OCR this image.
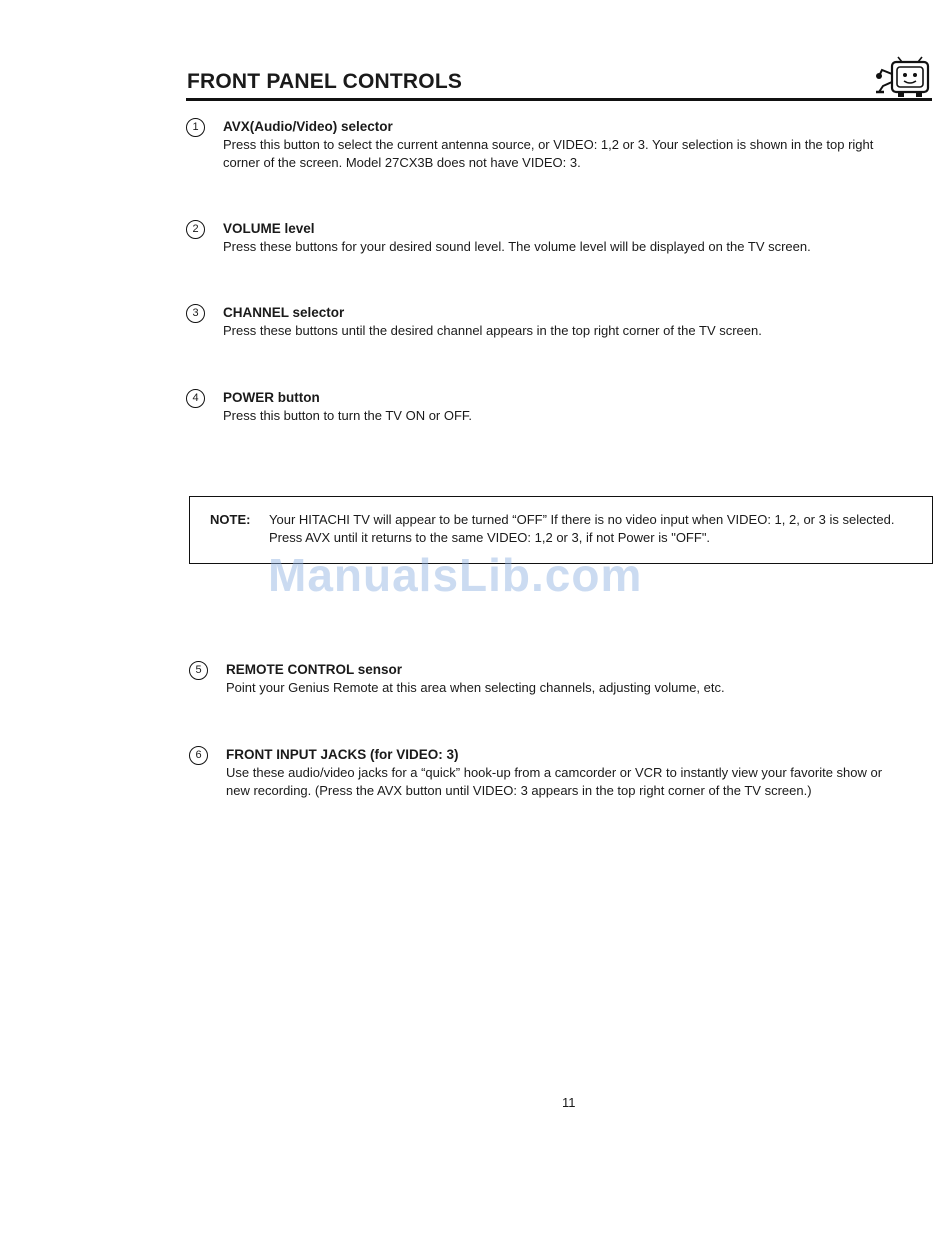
FRONT PANEL CONTROLS
1	AVX(Audio/Video) selector
Press this button to select the current antenna source, or VIDEO: 1,2 or 3. Your selection is shown in the top right
corner of the screen. Model 27CX3B does not have VIDEO: 3.
2	VOLUME level
Press these buttons for your desired sound level. The volume level will be displayed on the TV screen.
3	CHANNEL selector
Press these buttons until the desired channel appears in the top right corner of the TV screen.
4	POWER button
Press this button to turn the TV ON or OFF.
NOTE: Your HITACHI TV will appear to be turned “OFF” If there is no video input when VIDEO: 1, 2, or 3 is selected.
Press AVX until it returns to the same VIDEO: 1,2 or 3, if not Power is "OFF".
ManualsLib.com
5	REMOTE CONTROL sensor
Point your Genius Remote at this area when selecting channels, adjusting volume, etc.
6	FRONT INPUT JACKS (for VIDEO: 3)
Use these audio/video jacks for a “quick” hook-up from a camcorder or VCR to instantly view your favorite show or
new recording. (Press the AVX button until VIDEO: 3 appears in the top right corner of the TV screen.)
11
